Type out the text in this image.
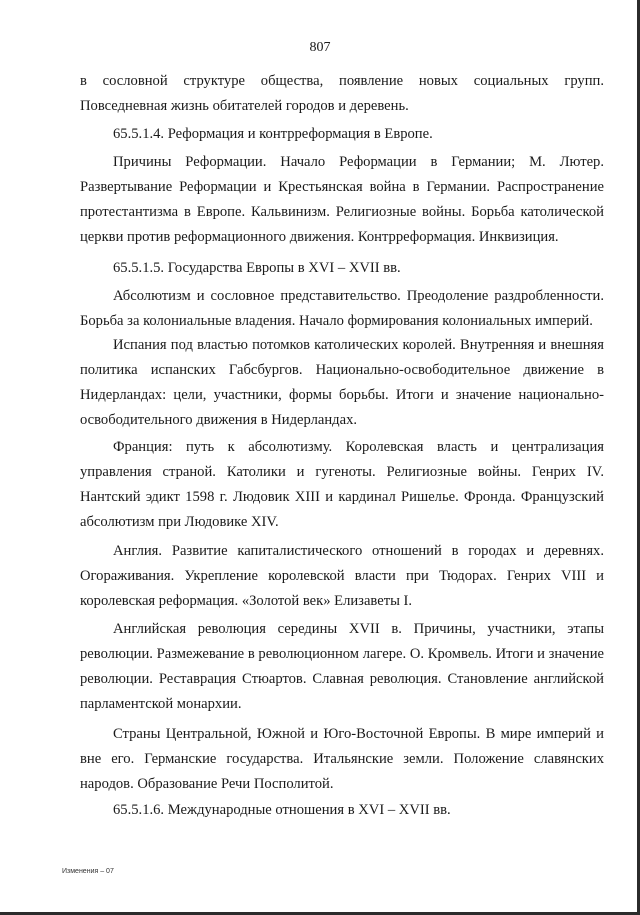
807

в сословной структуре общества, появление новых социальных групп. Повседневная жизнь обитателей городов и деревень.

65.5.1.4. Реформация и контрреформация в Европе.

Причины Реформации. Начало Реформации в Германии; М. Лютер. Развертывание Реформации и Крестьянская война в Германии. Распространение протестантизма в Европе. Кальвинизм. Религиозные войны. Борьба католической церкви против реформационного движения. Контрреформация. Инквизиция.

65.5.1.5. Государства Европы в XVI – XVII вв.

Абсолютизм и сословное представительство. Преодоление раздробленности. Борьба за колониальные владения. Начало формирования колониальных империй.

Испания под властью потомков католических королей. Внутренняя и внешняя политика испанских Габсбургов. Национально-освободительное движение в Нидерландах: цели, участники, формы борьбы. Итоги и значение национально-освободительного движения в Нидерландах.

Франция: путь к абсолютизму. Королевская власть и централизация управления страной. Католики и гугеноты. Религиозные войны. Генрих IV. Нантский эдикт 1598 г. Людовик XIII и кардинал Ришелье. Фронда. Французский абсолютизм при Людовике XIV.

Англия. Развитие капиталистического отношений в городах и деревнях. Огораживания. Укрепление королевской власти при Тюдорах. Генрих VIII и королевская реформация. «Золотой век» Елизаветы I.

Английская революция середины XVII в. Причины, участники, этапы революции. Размежевание в революционном лагере. О. Кромвель. Итоги и значение революции. Реставрация Стюартов. Славная революция. Становление английской парламентской монархии.

Страны Центральной, Южной и Юго-Восточной Европы. В мире империй и вне его. Германские государства. Итальянские земли. Положение славянских народов. Образование Речи Посполитой.

65.5.1.6. Международные отношения в XVI – XVII вв.

Изменения – 07
